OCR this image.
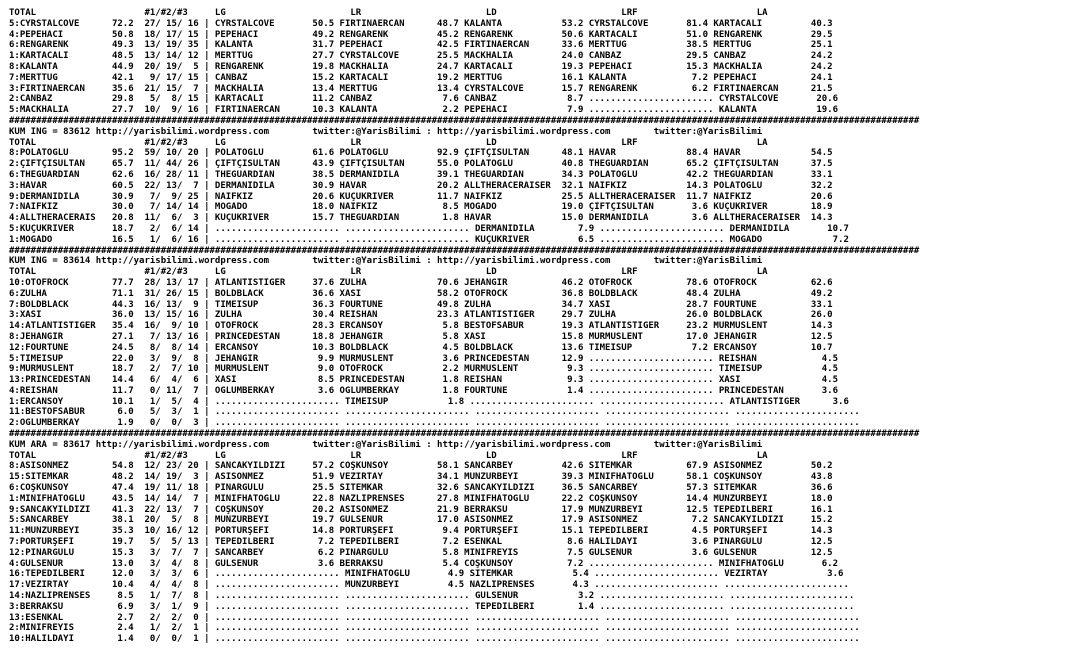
TOTAL                    #1/#2/#3     LG                       LR                       LD                       LRF                      LA
5:CYRSTALCOVE      72.2  27/ 15/ 16 | CYRSTALCOVE       50.5 FIRTINAERCAN      48.7 KALANTA           53.2 CYRSTALCOVE       81.4 KARTACALI         40.3
4:PEPEHACI         50.8  18/ 17/ 15 | PEPEHACI          49.2 RENGARENK         45.2 RENGARENK         50.6 KARTACALI         51.0 RENGARENK         29.5
6:RENGARENK        49.3  13/ 19/ 35 | KALANTA           31.7 PEPEHACI          42.5 FIRTINAERCAN      33.6 MERTTUĞ           38.5 MERTTUĞ           25.1
1:KARTACALI        48.5  13/ 14/ 12 | MERTTUĞ           27.7 CYRSTALCOVE       25.5 MACKHALIA         24.0 CANBAZ            29.5 CANBAZ            24.2
8:KALANTA          44.9  20/ 19/  5 | RENGARENK         19.8 MACKHALIA         24.7 KARTACALI         19.3 PEPEHACI          15.3 MACKHALIA         24.2
7:MERTTUĞ          42.1   9/ 17/ 15 | CANBAZ            15.2 KARTACALI         19.2 MERTTUĞ           16.1 KALANTA            7.2 PEPEHACI          24.1
3:FIRTINAERCAN     35.6  21/ 15/  7 | MACKHALIA         13.4 MERTTUĞ           13.4 CYRSTALCOVE       15.7 RENGARENK          6.2 FIRTINAERCAN      21.5
2:CANBAZ           29.8   5/  8/ 15 | KARTACALI         11.2 CANBAZ             7.6 CANBAZ             8.7 ....................... CYRSTALCOVE       20.6
5:MACKHALIA        27.7  10/  9/ 16 | FIRTINAERCAN      10.3 KALANTA            2.2 PEPEHACI           7.9 ....................... KALANTA           19.6
########################################################################################################################################################################
KUM ING = 83612 http://yarisbilimi.wordpress.com        twitter:@YarisBilimi : http://yarisbilimi.wordpress.com        twitter:@YarisBilimi
TOTAL                    #1/#2/#3     LG                       LR                       LD                       LRF                      LA
8:POLATOĞLU        95.2  59/ 10/ 20 | POLATOĞLU         61.6 POLATOĞLU         92.9 ÇİFTÇİSULTAN      48.1 HAVAR             88.4 HAVAR             54.5
2:ÇİFTÇİSULTAN     65.7  11/ 44/ 26 | ÇİFTÇİSULTAN      43.9 ÇİFTÇİSULTAN      55.0 POLATOĞLU         40.8 THEGUARDIAN       65.2 ÇİFTÇİSULTAN      37.5
6:THEGUARDIAN      62.6  16/ 28/ 11 | THEGUARDIAN       38.5 DERMANIDILA       39.1 THEGUARDIAN       34.3 POLATOĞLU         42.2 THEGUARDIAN       33.1
3:HAVAR            60.5  22/ 13/  7 | DERMANIDILA       30.9 HAVAR             20.2 ALLTHERACERAISER  32.1 NAİFKIZ           14.3 POLATOĞLU         32.2
9:DERMANIDILA      30.9   7/  9/ 25 | NAİFKIZ           20.6 KÜÇÜKRIVER        11.7 NAİFKIZ           25.5 ALLTHERACERAISER  11.7 NAİFKIZ           20.6
7:NAİFKIZ          30.0   7/ 14/ 14 | MOGADO            18.0 NAİFKIZ            8.5 MOGADO            19.0 ÇİFTÇİSULTAN       3.6 KÜÇÜKRIVER        18.9
4:ALLTHERACERAIS   20.8  11/  6/  3 | KÜÇÜKRIVER        15.7 THEGUARDIAN        1.8 HAVAR             15.0 DERMANIDILA        3.6 ALLTHERACERAISER  14.3
5:KÜÇÜKRIVER       18.7   2/  6/ 14 | ....................... ....................... DERMANIDILA        7.9 ....................... DERMANIDILA       10.7
1:MOGADO           16.5   1/  6/ 16 | ....................... ....................... KÜÇÜKRIVER         6.5 ....................... MOGADO             7.2
########################################################################################################################################################################
KUM ING = 83614 http://yarisbilimi.wordpress.com        twitter:@YarisBilimi : http://yarisbilimi.wordpress.com        twitter:@YarisBilimi
TOTAL                    #1/#2/#3     LG                       LR                       LD                       LRF                      LA
10:OTOFROCK        77.7  28/ 13/ 17 | ATLANTISTIGER     37.6 ZÜLHA             70.6 JEHANGIR          46.2 OTOFROCK          78.6 OTOFROCK          62.6
6:ZÜLHA            71.1  31/ 26/ 15 | BOLDBLACK         36.6 XASİ              58.2 OTOFROCK          36.8 BOLDBLACK         48.4 ZÜLHA             49.2
7:BOLDBLACK        44.3  16/ 13/  9 | TIMEISUP          36.3 FOURTUNE          49.8 ZÜLHA             34.7 XASİ              28.7 FOURTUNE          33.1
3:XASİ             36.0  13/ 15/ 16 | ZÜLHA             30.4 REİSHAN           23.3 ATLANTISTIGER     29.7 ZÜLHA             26.0 BOLDBLACK         26.0
14:ATLANTISTIGER   35.4  16/  9/ 10 | OTOFROCK          28.3 ERCANSOY           5.8 BESTOFSABUR       19.3 ATLANTISTIGER     23.2 MURMUSLENT        14.3
8:JEHANGIR         27.1   7/ 13/ 16 | PRINCEDESTAN      18.8 JEHANGIR           5.8 XASİ              15.8 MURMUSLENT        17.0 JEHANGIR          12.5
12:FOURTUNE        24.5   8/  8/ 14 | ERCANSOY          10.3 BOLDBLACK          4.5 BOLDBLACK         13.6 TIMEISUP           7.2 ERCANSOY          10.7
5:TIMEISUP         22.0   3/  9/  8 | JEHANGIR           9.9 MURMUSLENT         3.6 PRINCEDESTAN      12.9 ....................... REİSHAN            4.5
9:MURMUSLENT       18.7   2/  7/ 10 | MURMUSLENT         9.0 OTOFROCK           2.2 MURMUSLENT         9.3 ....................... TIMEISUP           4.5
13:PRINCEDESTAN    14.4   6/  4/  6 | XASİ               8.5 PRINCEDESTAN       1.8 REİSHAN            9.3 ....................... XASİ               4.5
4:REİSHAN          11.7   0/ 11/  7 | OĞLUMBERKAY        3.6 OĞLUMBERKAY        1.8 FOURTUNE           1.4 ....................... PRINCEDESTAN       3.6
1:ERCANSOY         10.1   1/  5/  4 | ....................... TIMEISUP           1.8 ....................... ....................... ATLANTISTIGER      3.6
11:BESTOFSABUR      6.0   5/  3/  1 | ....................... ....................... ....................... ....................... .......................
2:OĞLUMBERKAY       1.9   0/  0/  3 | ....................... ....................... ....................... ....................... .......................
########################################################################################################################################################################
KUM ARA = 83617 http://yarisbilimi.wordpress.com        twitter:@YarisBilimi : http://yarisbilimi.wordpress.com        twitter:@YarisBilimi
TOTAL                    #1/#2/#3     LG                       LR                       LD                       LRF                      LA
8:ASİSÖNMEZ        54.8  12/ 23/ 20 | SANCAKYILDIZI     57.2 COŞKUNSOY         58.1 SANCARBEY         42.6 SİTEMKAR          67.9 ASİSÖNMEZ         50.2
15:SİTEMKAR        48.2  14/ 19/  3 | ASİSÖNMEZ         51.9 VEZİRTAY          34.1 MUNZURBEYİ        39.3 MİNİFHATOĞLU      58.1 COŞKUNSOY         43.8
6:COŞKUNSOY        47.4  19/ 11/ 18 | PINARGÜLÜ         25.5 SİTEMKAR          32.6 SANCAKYILDIZI     36.5 SANCARBEY         57.3 SİTEMKAR          36.6
1:MİNİFHATOĞLU     43.5  14/ 14/  7 | MİNİFHATOĞLU      22.8 NAZLIPRENSES      27.8 MİNİFHATOĞLU      22.2 COŞKUNSOY         14.4 MUNZURBEYİ        18.0
9:SANCAKYILDIZI    41.3  22/ 13/  7 | COŞKUNSOY         20.2 ASİSÖNMEZ         21.9 BERRAKSU          17.9 MUNZURBEYİ        12.5 TEPEDİLBERİ       16.1
5:SANCARBEY        38.1  20/  5/  8 | MUNZURBEYİ        19.7 GÜLSENUR          17.0 ASİSÖNMEZ         17.9 ASİSÖNMEZ          7.2 SANCAKYILDIZI     15.2
11:MUNZURBEYİ      35.3  10/ 16/ 12 | PORTÜRŞEFİ        14.8 PORTÜRŞEFİ         9.4 PORTÜRŞEFİ        15.1 TEPEDİLBERİ        4.5 PORTÜRŞEFİ        14.3
7:PORTÜRŞEFİ       19.7   5/  5/ 13 | TEPEDİLBERİ        7.2 TEPEDİLBERİ        7.2 ESENKAL            8.6 HALİLDAYI          3.6 PINARGÜLÜ         12.5
12:PINARGÜLÜ       15.3   3/  7/  7 | SANCARBEY          6.2 PINARGÜLÜ          5.8 MİNİFREYİS         7.5 GÜLSENUR           3.6 GÜLSENUR          12.5
4:GÜLSENUR         13.0   3/  4/  8 | GÜLSENUR           3.6 BERRAKSU           5.4 COŞKUNSOY          7.2 ....................... MİNİFHATOĞLU       6.2
16:TEPEDİLBERİ     12.0   3/  3/  6 | ....................... MİNİFHATOĞLU       4.9 SİTEMKAR           5.4 ....................... VEZİRTAY           3.6
17:VEZİRTAY        10.4   4/  4/  8 | ....................... MUNZURBEYİ         4.5 NAZLIPRENSES       4.3 ....................... .......................
14:NAZLIPRENSES     8.5   1/  7/  8 | ....................... ....................... GÜLSENUR           3.2 ....................... .......................
3:BERRAKSU          6.9   3/  1/  9 | ....................... ....................... TEPEDİLBERİ        1.4 ....................... .......................
13:ESENKAL          2.7   2/  2/  0 | ....................... ....................... ....................... ....................... .......................
2:MİNİFREYİS        2.4   1/  2/  1 | ....................... ....................... ....................... ....................... .......................
10:HALİLDAYI        1.4   0/  0/  1 | ....................... ....................... ....................... ....................... .......................
